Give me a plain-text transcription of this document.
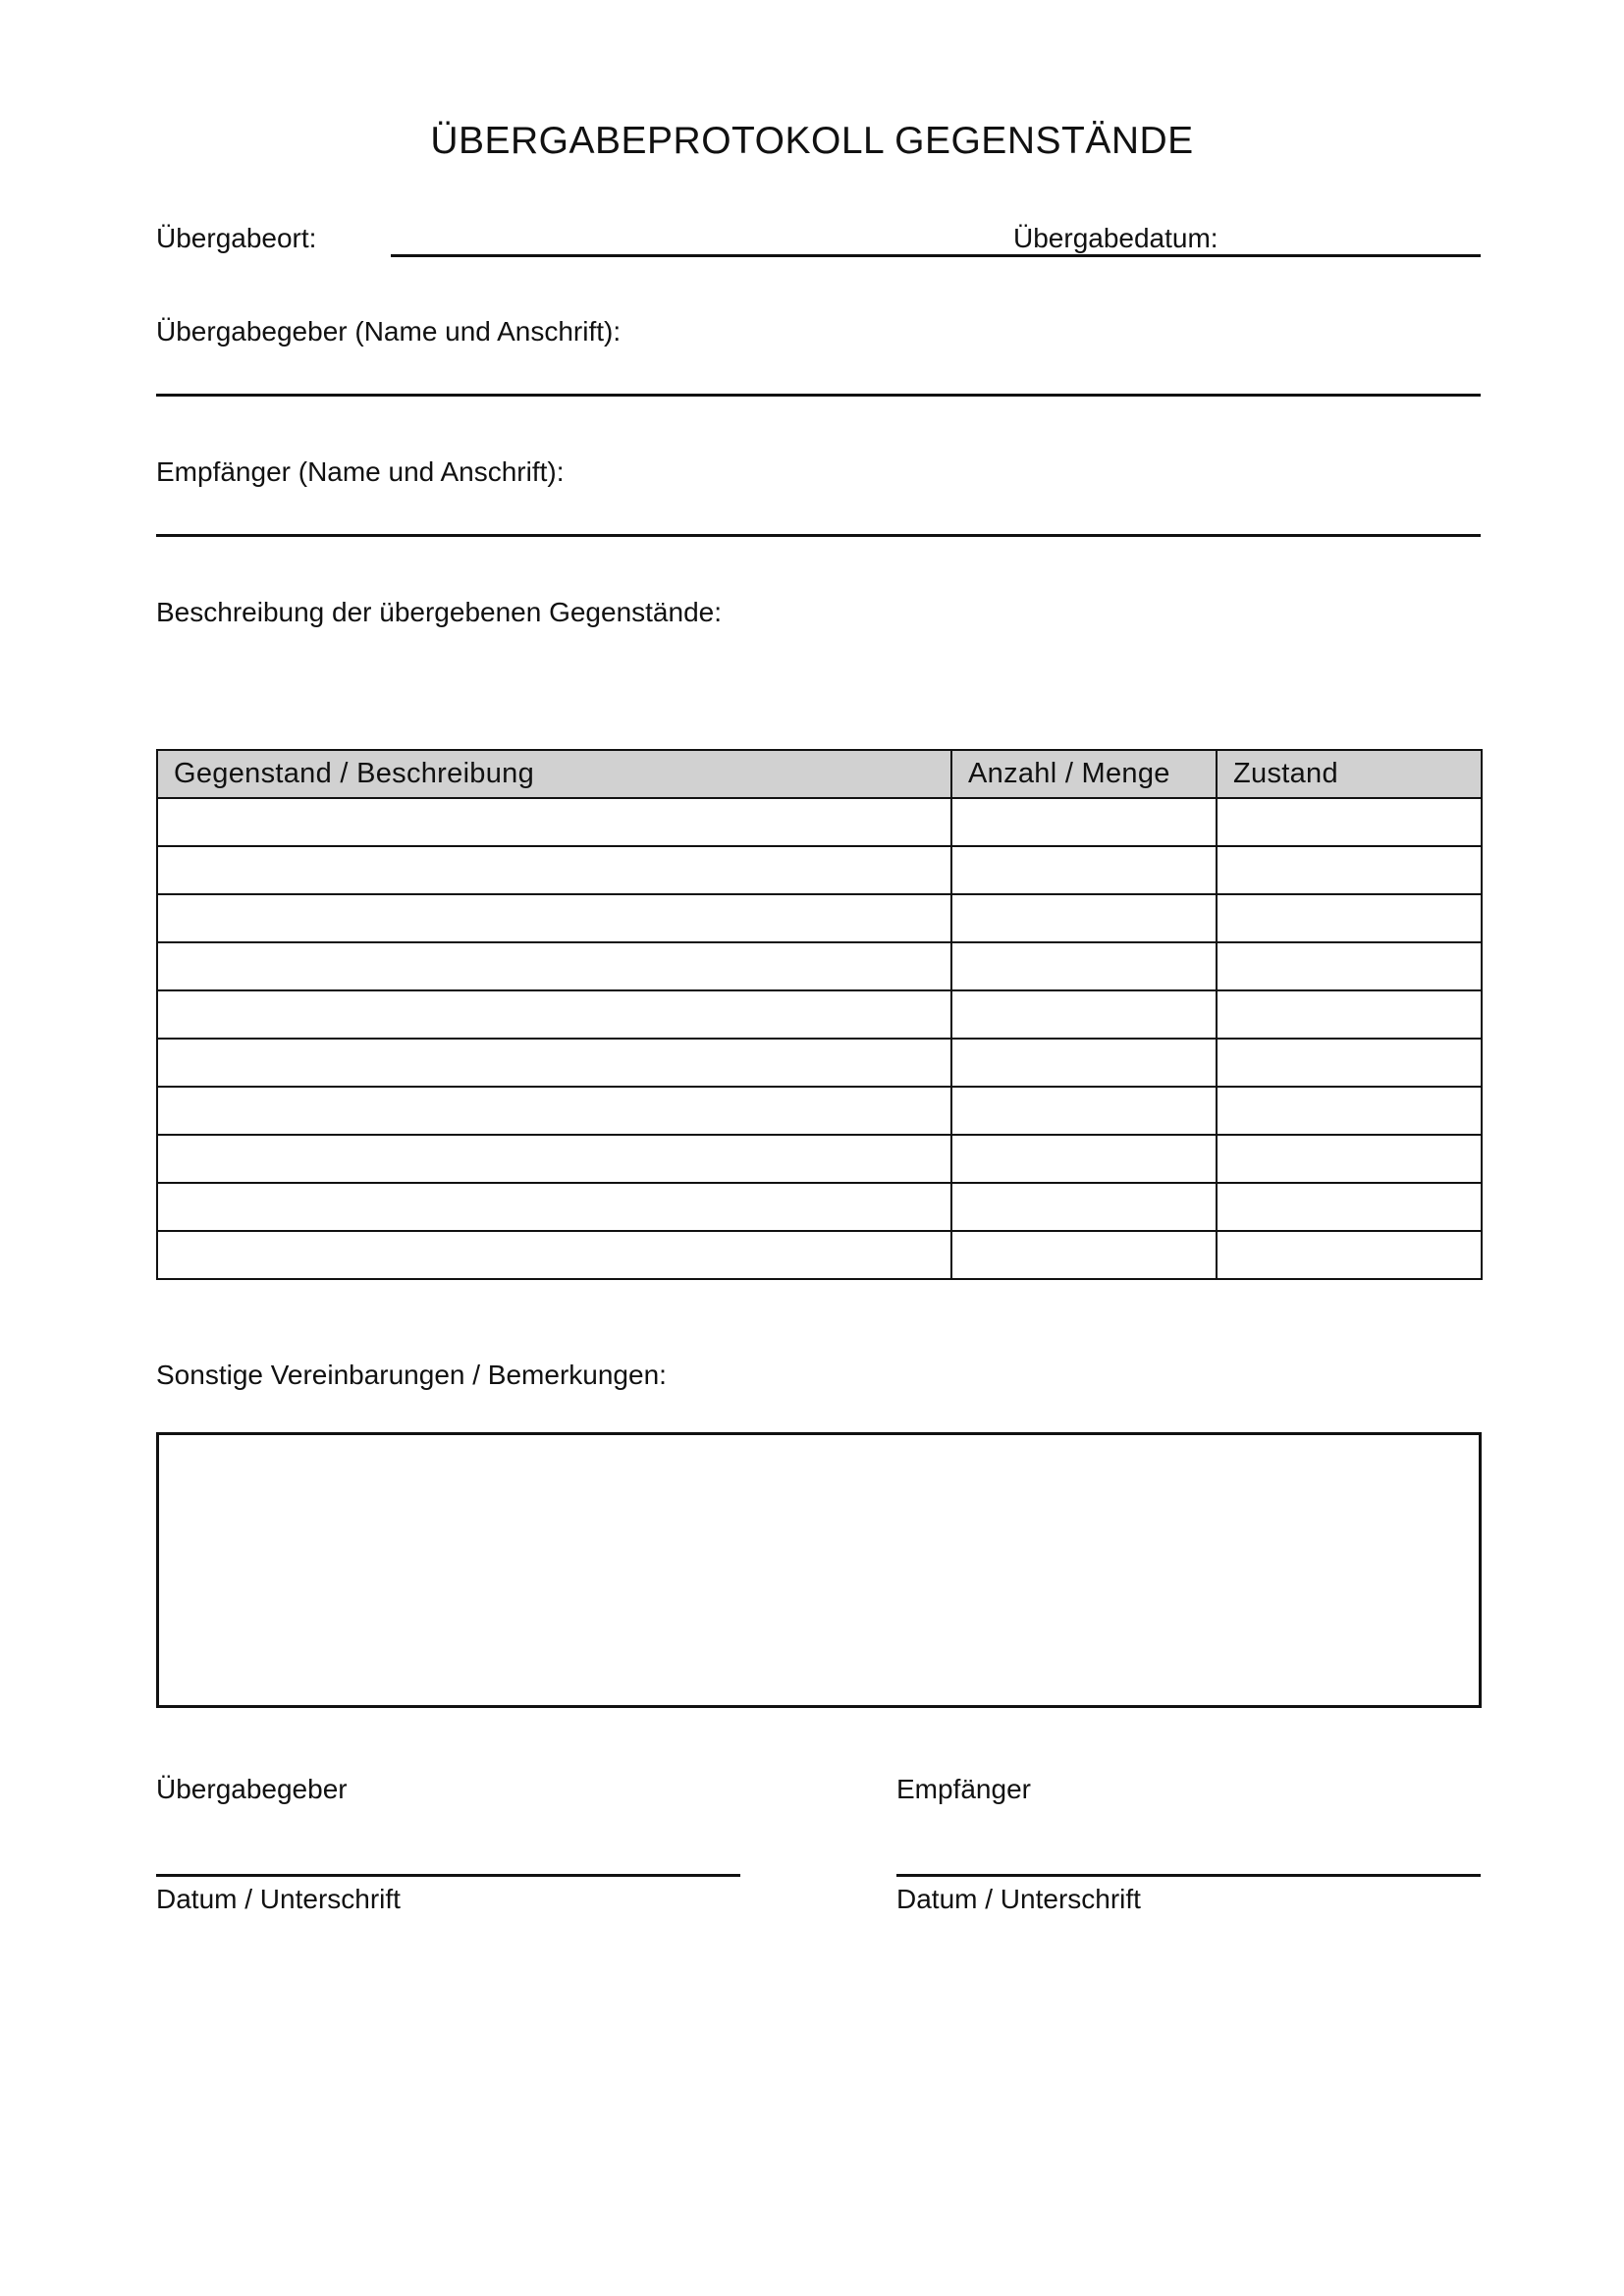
ÜBERGABEPROTOKOLL GEGENSTÄNDE
Übergabeort:	Übergabedatum:
Übergabegeber (Name und Anschrift):
Empfänger (Name und Anschrift):
Beschreibung der übergebenen Gegenstände:
Gegenstand / Beschreibung	Anzahl / Menge	Zustand

Sonstige Vereinbarungen / Bemerkungen:
Übergabegeber
Datum / Unterschrift
Empfänger
Datum / Unterschrift
